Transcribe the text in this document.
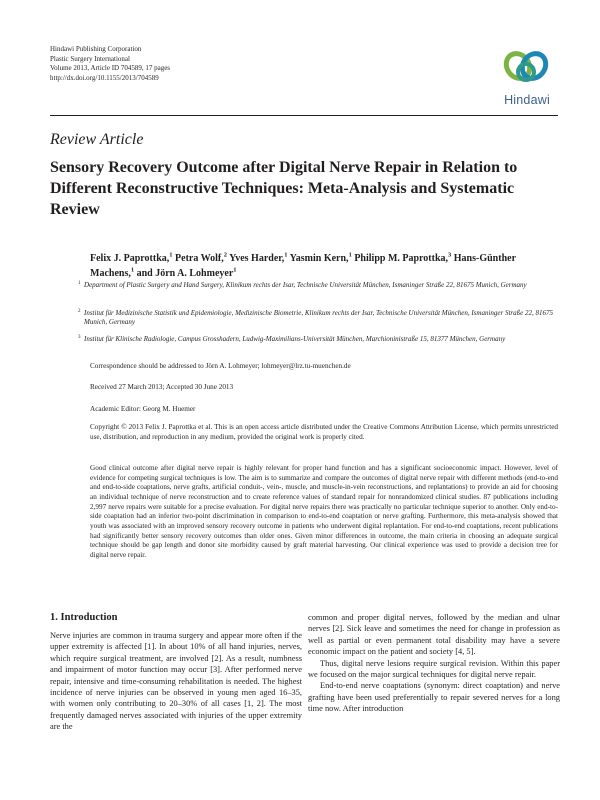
Hindawi Publishing Corporation
Plastic Surgery International
Volume 2013, Article ID 704589, 17 pages
http://dx.doi.org/10.1155/2013/704589
Hindawi
Review Article
Sensory Recovery Outcome after Digital Nerve Repair in Relation to Different Reconstructive Techniques: Meta-Analysis and Systematic Review
Felix J. Paprottka,$^1$ Petra Wolf,$^2$ Yves Harder,$^1$ Yasmin Kern,$^1$ Philipp M. Paprottka,$^3$ Hans-Günther Machens,$^1$ and Jörn A. Lohmeyer$^1$
1 Department of Plastic Surgery and Hand Surgery, Klinikum rechts der Isar, Technische Universität München, Ismaninger Straße 22, 81675 Munich, Germany
2 Institut für Medizinische Statistik und Epidemiologie, Medizinische Biometrie, Klinikum rechts der Isar, Technische Universität München, Ismaninger Straße 22, 81675 Munich, Germany
3 Institut für Klinische Radiologie, Campus Grosshadern, Ludwig-Maximilians-Universität München, Marchioninistraße 15, 81377 München, Germany
Correspondence should be addressed to Jörn A. Lohmeyer; lohmeyer@lrz.tu-muenchen.de
Received 27 March 2013; Accepted 30 June 2013
Academic Editor: Georg M. Huemer
Copyright © 2013 Felix J. Paprottka et al. This is an open access article distributed under the Creative Commons Attribution License, which permits unrestricted use, distribution, and reproduction in any medium, provided the original work is properly cited.
Good clinical outcome after digital nerve repair is highly relevant for proper hand function and has a significant socioeconomic impact. However, level of evidence for competing surgical techniques is low. The aim is to summarize and compare the outcomes of digital nerve repair with different methods (end-to-end and end-to-side coaptations, nerve grafts, artificial conduit-, vein-, muscle, and muscle-in-vein reconstructions, and replantations) to provide an aid for choosing an individual technique of nerve reconstruction and to create reference values of standard repair for nonrandomized clinical studies. 87 publications including 2,997 nerve repairs were suitable for a precise evaluation. For digital nerve repairs there was practically no particular technique superior to another. Only end-to-side coaptation had an inferior two-point discrimination in comparison to end-to-end coaptation or nerve grafting. Furthermore, this meta-analysis showed that youth was associated with an improved sensory recovery outcome in patients who underwent digital replantation. For end-to-end coaptations, recent publications had significantly better sensory recovery outcomes than older ones. Given minor differences in outcome, the main criteria in choosing an adequate surgical technique should be gap length and donor site morbidity caused by graft material harvesting. Our clinical experience was used to provide a decision tree for digital nerve repair.
1. Introduction

Nerve injuries are common in trauma surgery and appear more often if the upper extremity is affected [1]. In about 10% of all hand injuries, nerves, which require surgical treatment, are involved [2]. As a result, numbness and impairment of motor function may occur [3]. After performed nerve repair, intensive and time-consuming rehabilitation is needed. The highest incidence of nerve injuries can be observed in young men aged 16–35, with women only contributing to 20–30% of all cases [1, 2]. The most frequently damaged nerves associated with injuries of the upper extremity are the

common and proper digital nerves, followed by the median and ulnar nerves [2]. Sick leave and sometimes the need for change in profession as well as partial or even permanent total disability may have a severe economic impact on the patient and society [4, 5].

Thus, digital nerve lesions require surgical revision. Within this paper we focused on the major surgical techniques for digital nerve repair.

End-to-end nerve coaptations (synonym: direct coaptation) and nerve grafting have been used preferentially to repair severed nerves for a long time now. After introduction
